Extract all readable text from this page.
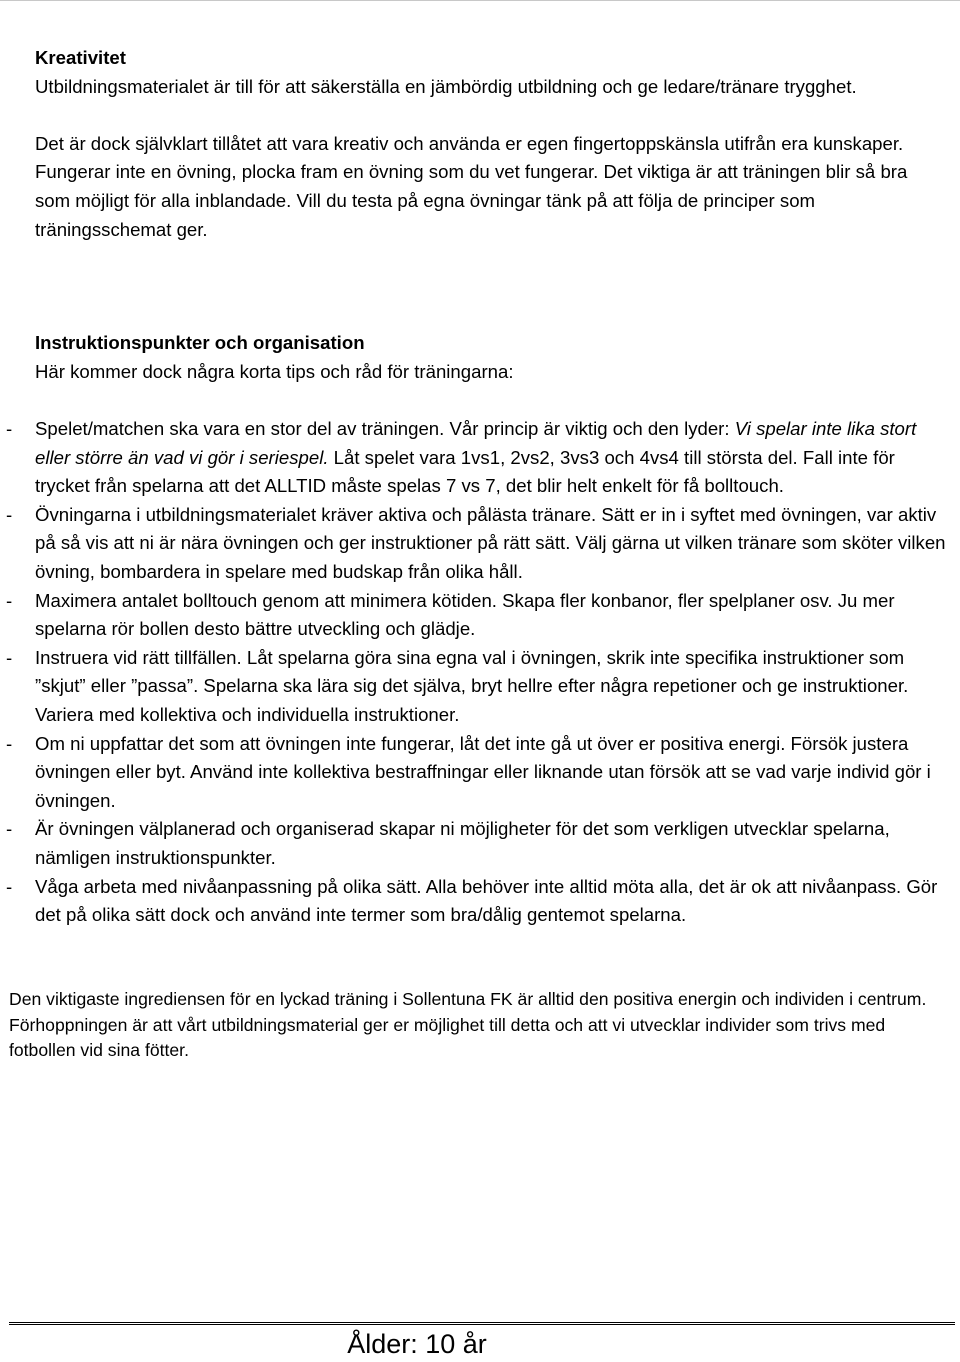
Kreativitet

Utbildningsmaterialet är till för att säkerställa en jämbördig utbildning och ge ledare/tränare trygghet.

Det är dock självklart tillåtet att vara kreativ och använda er egen fingertoppskänsla utifrån era kunskaper. Fungerar inte en övning, plocka fram en övning som du vet fungerar. Det viktiga är att träningen blir så bra som möjligt för alla inblandade. Vill du testa på egna övningar tänk på att följa de principer som träningsschemat ger.

Instruktionspunkter och organisation

Här kommer dock några korta tips och råd för träningarna:

- Spelet/matchen ska vara en stor del av träningen. Vår princip är viktig och den lyder: Vi spelar inte lika stort eller större än vad vi gör i seriespel. Låt spelet vara 1vs1, 2vs2, 3vs3 och 4vs4 till största del. Fall inte för trycket från spelarna att det ALLTID måste spelas 7 vs 7, det blir helt enkelt för få bolltouch.
- Övningarna i utbildningsmaterialet kräver aktiva och pålästa tränare. Sätt er in i syftet med övningen, var aktiv på så vis att ni är nära övningen och ger instruktioner på rätt sätt. Välj gärna ut vilken tränare som sköter vilken övning, bombardera in spelare med budskap från olika håll.
- Maximera antalet bolltouch genom att minimera kötiden. Skapa fler konbanor, fler spelplaner osv. Ju mer spelarna rör bollen desto bättre utveckling och glädje.
- Instruera vid rätt tillfällen. Låt spelarna göra sina egna val i övningen, skrik inte specifika instruktioner som ”skjut” eller ”passa”. Spelarna ska lära sig det själva, bryt hellre efter några repetioner och ge instruktioner. Variera med kollektiva och individuella instruktioner.
- Om ni uppfattar det som att övningen inte fungerar, låt det inte gå ut över er positiva energi. Försök justera övningen eller byt. Använd inte kollektiva bestraffningar eller liknande utan försök att se vad varje individ gör i övningen.
- Är övningen välplanerad och organiserad skapar ni möjligheter för det som verkligen utvecklar spelarna, nämligen instruktionspunkter.
- Våga arbeta med nivåanpassning på olika sätt. Alla behöver inte alltid möta alla, det är ok att nivåanpass. Gör det på olika sätt dock och använd inte termer som bra/dålig gentemot spelarna.

Den viktigaste ingrediensen för en lyckad träning i Sollentuna FK är alltid den positiva energin och individen i centrum. Förhoppningen är att vårt utbildningsmaterial ger er möjlighet till detta och att vi utvecklar individer som trivs med fotbollen vid sina fötter.

Ålder: 10 år
